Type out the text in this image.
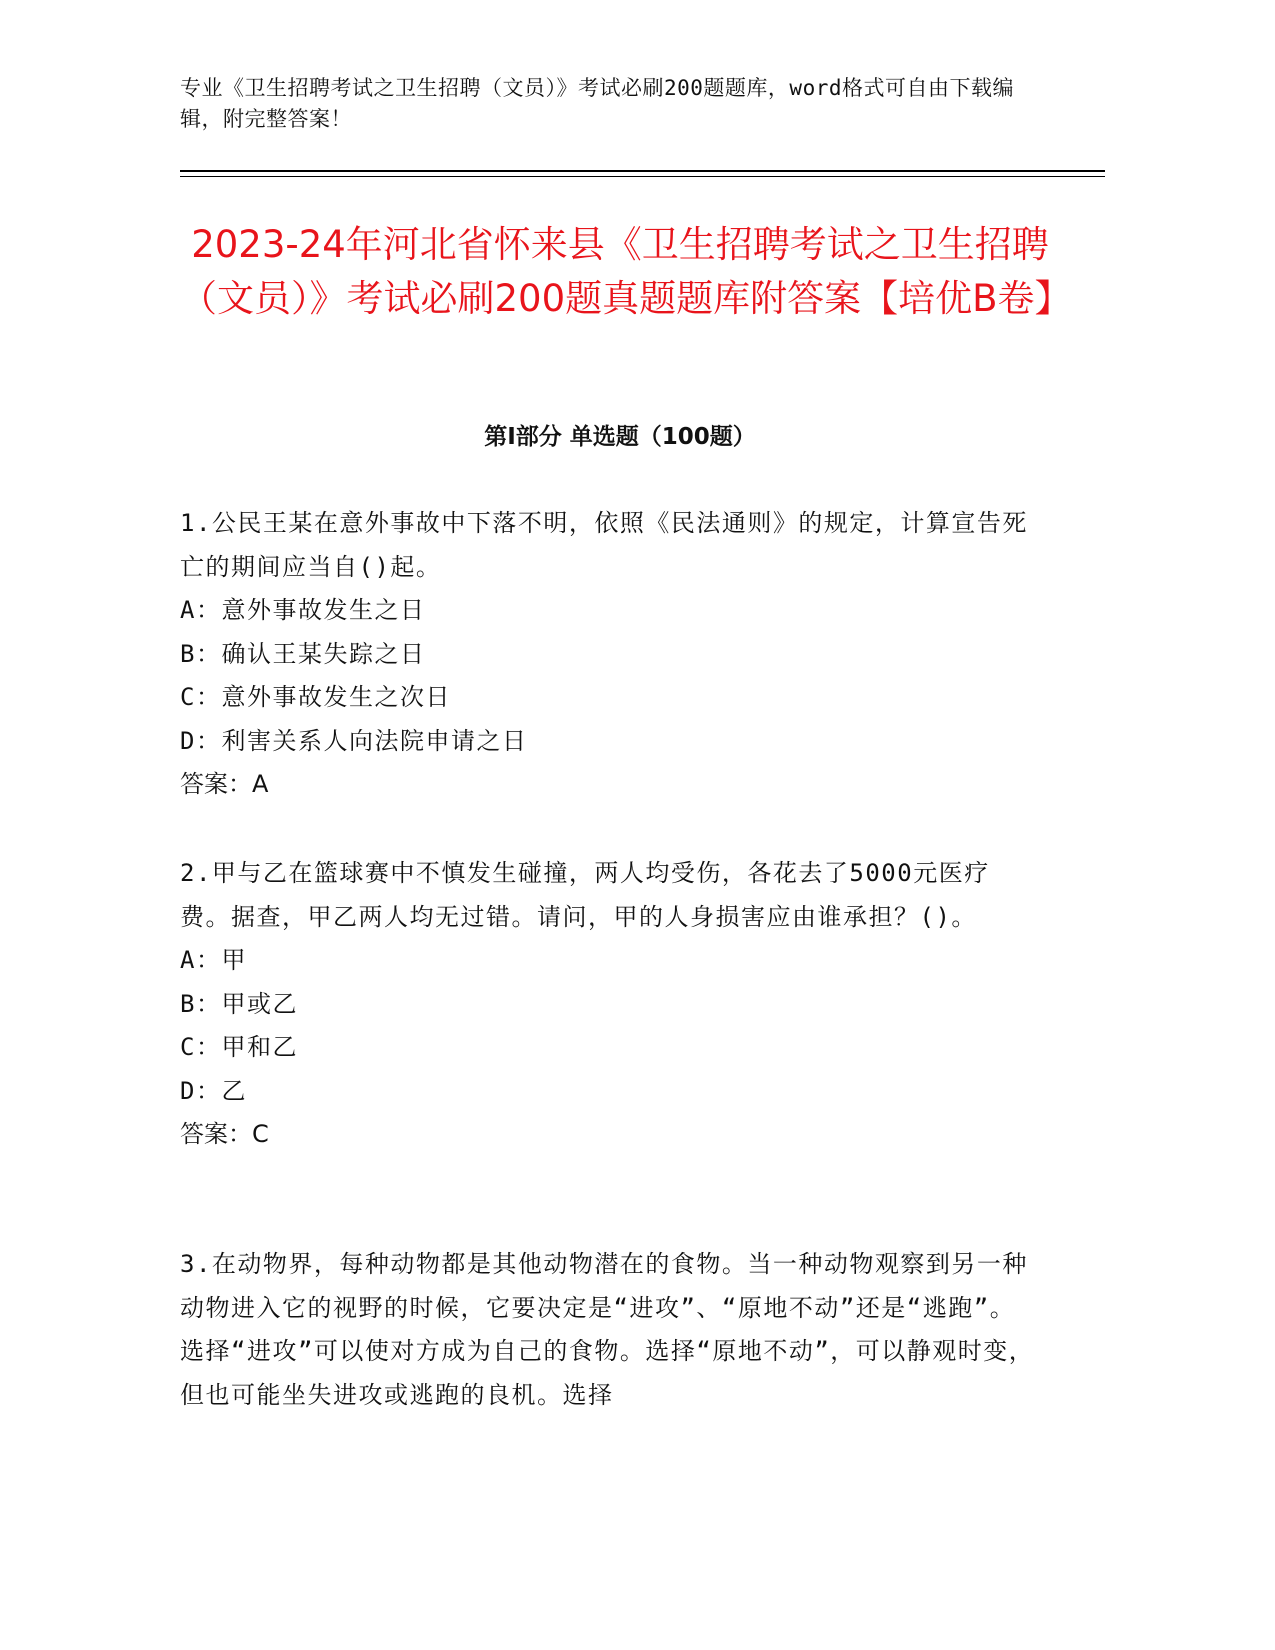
专业《卫生招聘考试之卫生招聘（文员）》考试必刷200题题库，word格式可自由下载编辑，附完整答案！
2023-24年河北省怀来县《卫生招聘考试之卫生招聘（文员）》考试必刷200题真题题库附答案【培优B卷】
第Ⅰ部分 单选题（100题）

1.公民王某在意外事故中下落不明，依照《民法通则》的规定，计算宣告死亡的期间应当自()起。

A：意外事故发生之日

B：确认王某失踪之日

C：意外事故发生之次日

D：利害关系人向法院申请之日

答案：A

2.甲与乙在篮球赛中不慎发生碰撞，两人均受伤，各花去了5000元医疗费。据查，甲乙两人均无过错。请问，甲的人身损害应由谁承担？()。

A：甲

B：甲或乙

C：甲和乙

D：乙

答案：C

3.在动物界，每种动物都是其他动物潜在的食物。当一种动物观察到另一种动物进入它的视野的时候，它要决定是“进攻”、“原地不动”还是“逃跑”。选择“进攻”可以使对方成为自己的食物。选择“原地不动”，可以静观时变，但也可能坐失进攻或逃跑的良机。选择
